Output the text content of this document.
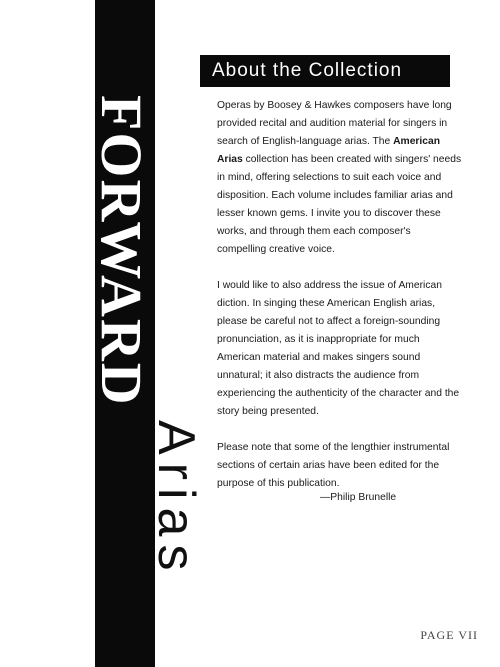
FORWARD
Arias
About the Collection

Operas by Boosey & Hawkes composers have long provided recital and audition material for singers in search of English-language arias. The American Arias collection has been created with singers' needs in mind, offering selections to suit each voice and disposition. Each volume includes familiar arias and lesser known gems. I invite you to discover these works, and through them each composer's compelling creative voice.

I would like to also address the issue of American diction. In singing these American English arias, please be careful not to affect a foreign-sounding pronunciation, as it is inappropriate for much American material and makes singers sound unnatural; it also distracts the audience from experiencing the authenticity of the character and the story being presented.

Please note that some of the lengthier instrumental sections of certain arias have been edited for the purpose of this publication.

—Philip Brunelle
PAGE VII
